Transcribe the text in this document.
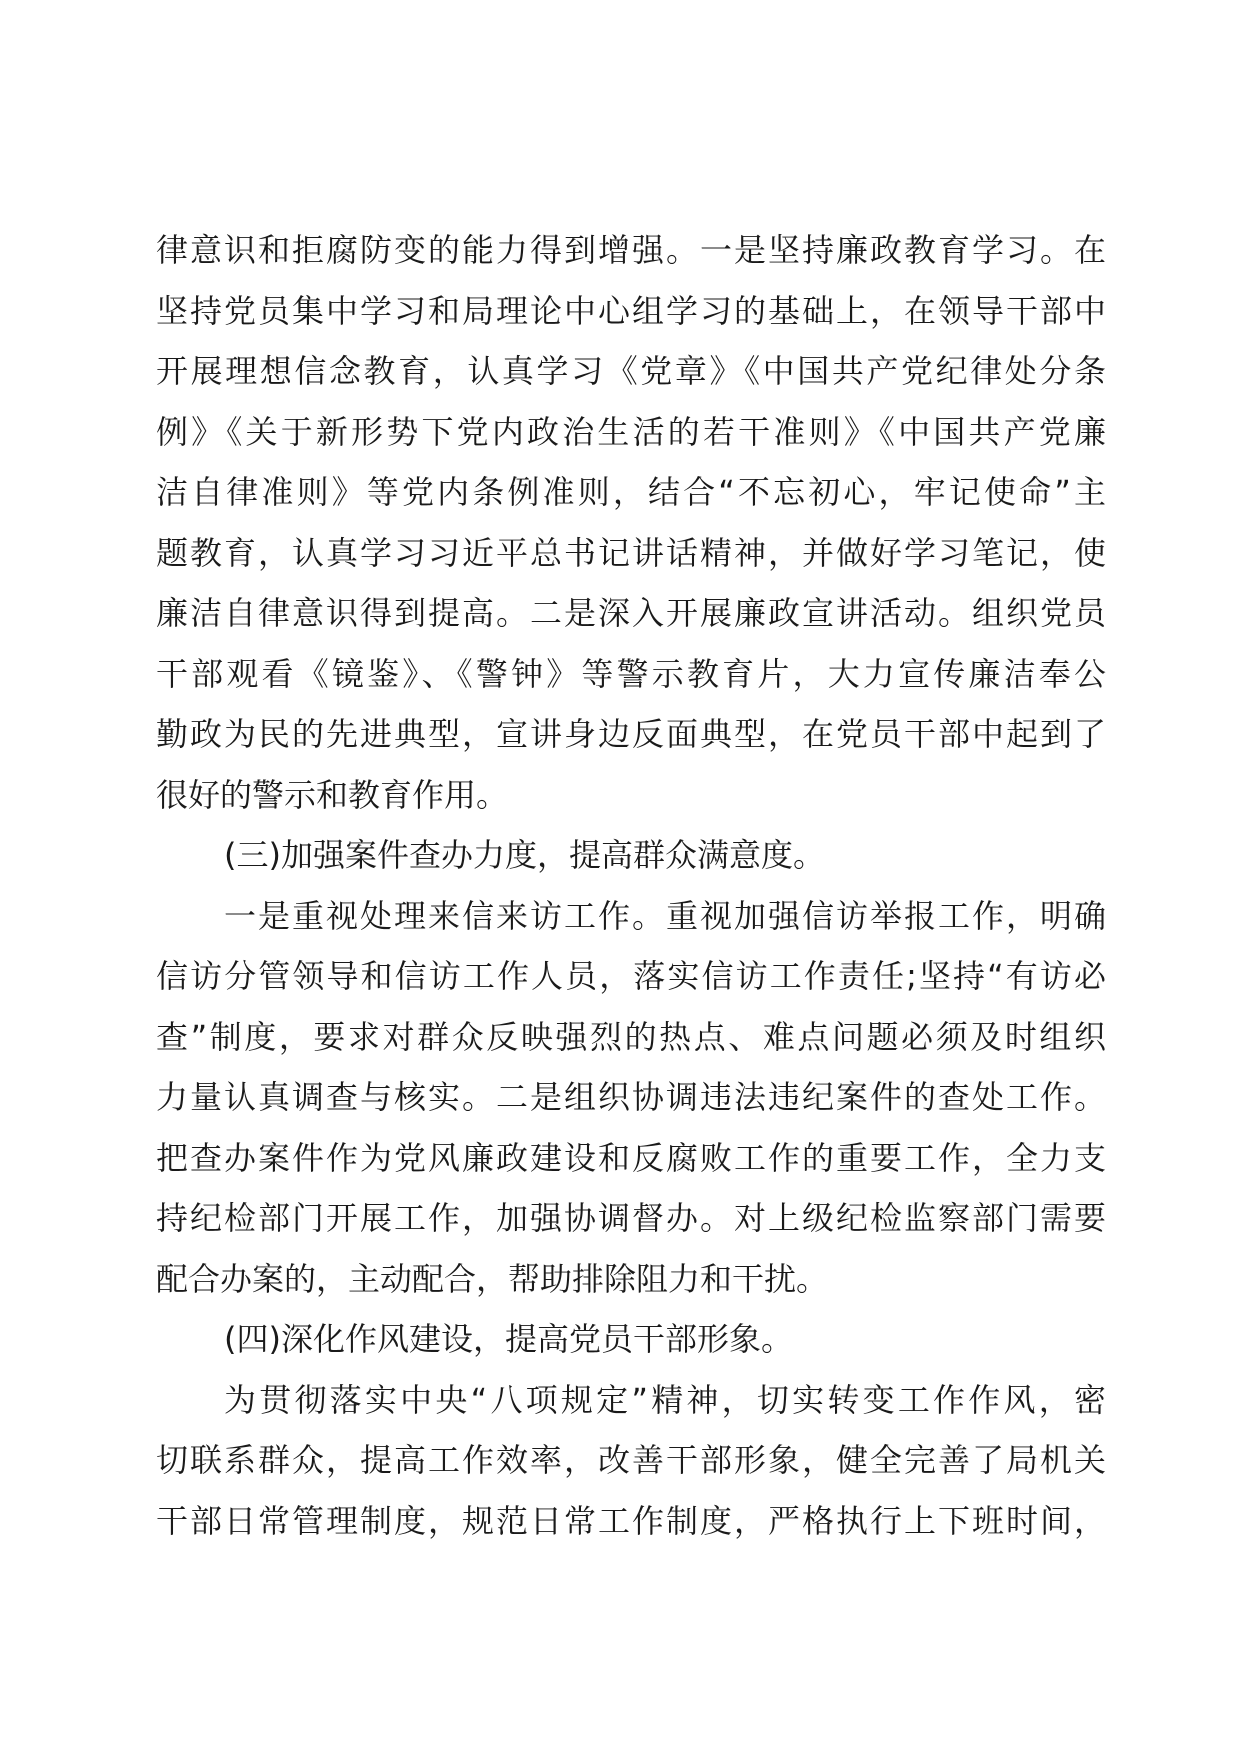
律意识和拒腐防变的能力得到增强。一是坚持廉政教育学习。在
坚持党员集中学习和局理论中心组学习的基础上，在领导干部中
开展理想信念教育，认真学习《党章》《中国共产党纪律处分条
例》《关于新形势下党内政治生活的若干准则》《中国共产党廉
洁自律准则》等党内条例准则，结合“不忘初心，牢记使命”主
题教育，认真学习习近平总书记讲话精神，并做好学习笔记，使
廉洁自律意识得到提高。二是深入开展廉政宣讲活动。组织党员
干部观看《镜鉴》、《警钟》等警示教育片，大力宣传廉洁奉公
勤政为民的先进典型，宣讲身边反面典型，在党员干部中起到了
很好的警示和教育作用。
(三)加强案件查办力度，提高群众满意度。
一是重视处理来信来访工作。重视加强信访举报工作，明确
信访分管领导和信访工作人员，落实信访工作责任;坚持“有访必
查”制度，要求对群众反映强烈的热点、难点问题必须及时组织
力量认真调查与核实。二是组织协调违法违纪案件的查处工作。
把查办案件作为党风廉政建设和反腐败工作的重要工作，全力支
持纪检部门开展工作，加强协调督办。对上级纪检监察部门需要
配合办案的，主动配合，帮助排除阻力和干扰。
(四)深化作风建设，提高党员干部形象。
为贯彻落实中央“八项规定”精神，切实转变工作作风，密
切联系群众，提高工作效率，改善干部形象，健全完善了局机关
干部日常管理制度，规范日常工作制度，严格执行上下班时间，
